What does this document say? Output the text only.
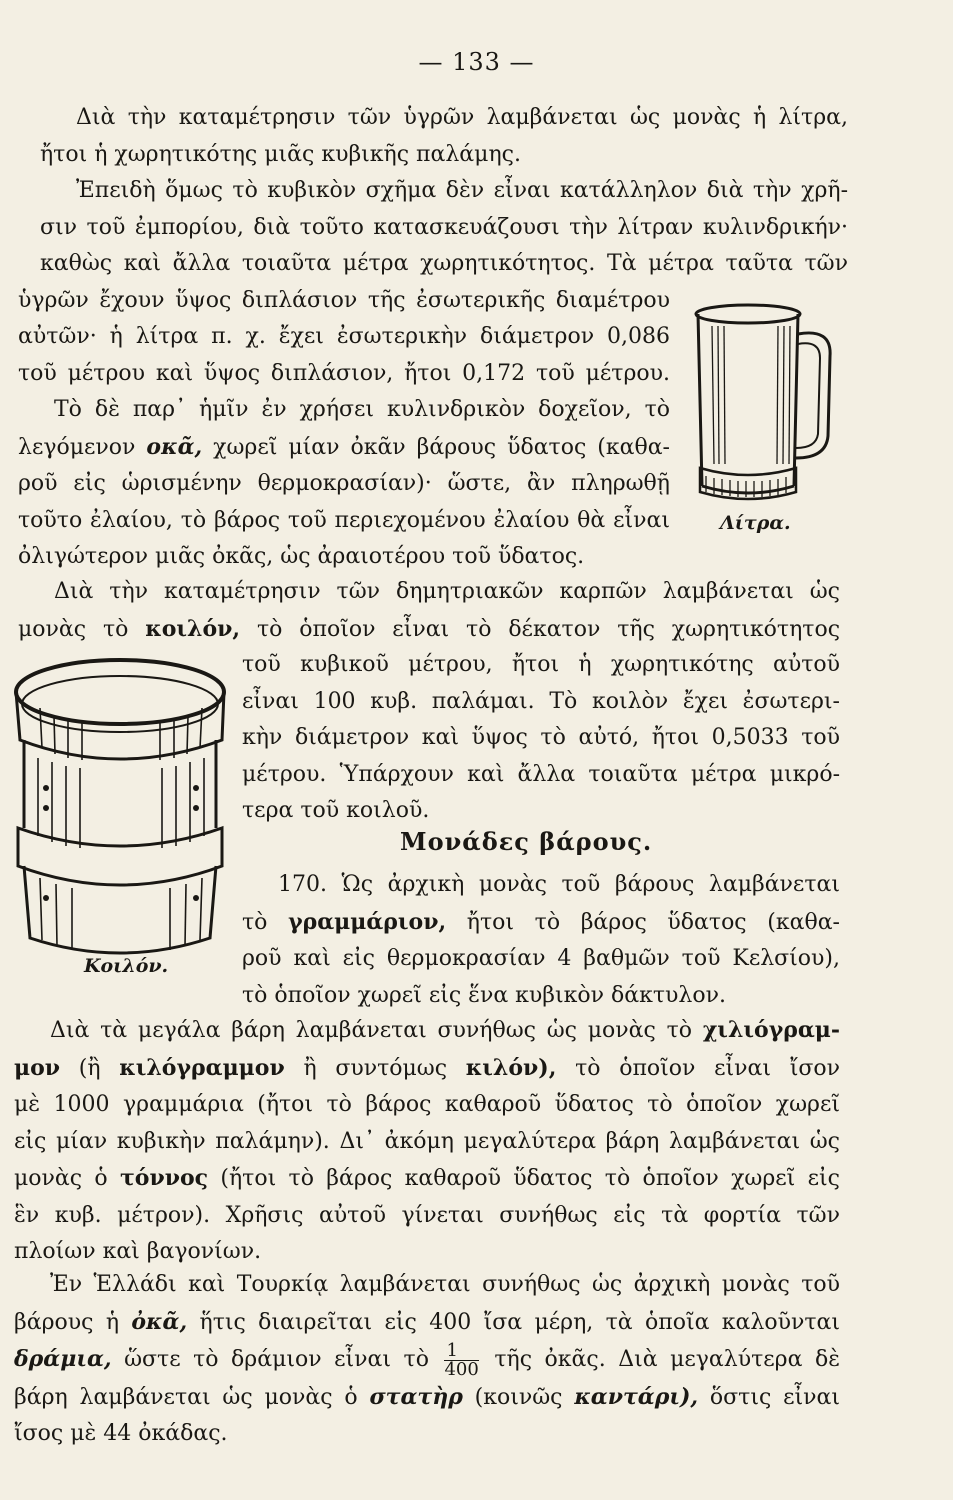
— 133 —
Διὰ τὴν καταμέτρησιν τῶν ὑγρῶν λαμβάνεται ὡς μονὰς ἡ λίτρα,
ἤτοι ἡ χωρητικότης μιᾶς κυβικῆς παλάμης.
Ἐπειδὴ ὅμως τὸ κυβικὸν σχῆμα δὲν εἶναι κατάλληλον διὰ τὴν χρῆ-
σιν τοῦ ἐμπορίου, διὰ τοῦτο κατασκευάζουσι τὴν λίτραν κυλινδρικήν·
καθὼς καὶ ἄλλα τοιαῦτα μέτρα χωρητικότητος. Τὰ μέτρα ταῦτα τῶν
ὑγρῶν ἔχουν ὕψος διπλάσιον τῆς ἐσωτερικῆς διαμέτρου
αὐτῶν· ἡ λίτρα π. χ. ἔχει ἐσωτερικὴν διάμετρον 0,086
τοῦ μέτρου καὶ ὕψος διπλάσιον, ἤτοι 0,172 τοῦ μέτρου.
Τὸ δὲ παρ᾿ ἡμῖν ἐν χρήσει κυλινδρικὸν δοχεῖον, τὸ
λεγόμενον οκᾶ, χωρεῖ μίαν ὀκᾶν βάρους ὕδατος (καθα-
ροῦ εἰς ὡρισμένην θερμοκρασίαν)· ὥστε, ἂν πληρωθῇ
τοῦτο ἐλαίου, τὸ βάρος τοῦ περιεχομένου ἐλαίου θὰ εἶναι
ὀλιγώτερον μιᾶς ὀκᾶς, ὡς ἀραιοτέρου τοῦ ὕδατος.
Λίτρα.
Διὰ τὴν καταμέτρησιν τῶν δημητριακῶν καρπῶν λαμβάνεται ὡς
μονὰς τὸ κοιλόν, τὸ ὁποῖον εἶναι τὸ δέκατον τῆς χωρητικότητος
τοῦ κυβικοῦ μέτρου, ἤτοι ἡ χωρητικότης αὐτοῦ
εἶναι 100 κυβ. παλάμαι. Τὸ κοιλὸν ἔχει ἐσωτερι-
κὴν διάμετρον καὶ ὕψος τὸ αὐτό, ἤτοι 0,5033 τοῦ
μέτρου. Ὑπάρχουν καὶ ἄλλα τοιαῦτα μέτρα μικρό-
τερα τοῦ κοιλοῦ.
Κοιλόν.
Μονάδες βάρους.
170. Ὡς ἀρχικὴ μονὰς τοῦ βάρους λαμβάνεται
τὸ γραμμάριον, ἤτοι τὸ βάρος ὕδατος (καθα-
ροῦ καὶ εἰς θερμοκρασίαν 4 βαθμῶν τοῦ Κελσίου),
τὸ ὁποῖον χωρεῖ εἰς ἕνα κυβικὸν δάκτυλον.
Διὰ τὰ μεγάλα βάρη λαμβάνεται συνήθως ὡς μονὰς τὸ χιλιόγραμ-
μον (ἢ κιλόγραμμον ἢ συντόμως κιλόν), τὸ ὁποῖον εἶναι ἴσον
μὲ 1000 γραμμάρια (ἤτοι τὸ βάρος καθαροῦ ὕδατος τὸ ὁποῖον χωρεῖ
εἰς μίαν κυβικὴν παλάμην). Δι᾿ ἀκόμη μεγαλύτερα βάρη λαμβάνεται ὡς
μονὰς ὁ τόννος (ἤτοι τὸ βάρος καθαροῦ ὕδατος τὸ ὁποῖον χωρεῖ εἰς
ἓν κυβ. μέτρον). Χρῆσις αὐτοῦ γίνεται συνήθως εἰς τὰ φορτία τῶν
πλοίων καὶ βαγονίων.
Ἐν Ἑλλάδι καὶ Τουρκίᾳ λαμβάνεται συνήθως ὡς ἀρχικὴ μονὰς τοῦ
βάρους ἡ ὀκᾶ, ἥτις διαιρεῖται εἰς 400 ἴσα μέρη, τὰ ὁποῖα καλοῦνται
δράμια, ὥστε τὸ δράμιον εἶναι τὸ $\frac{1}{400}$ τῆς ὀκᾶς. Διὰ μεγαλύτερα δὲ
βάρη λαμβάνεται ὡς μονὰς ὁ στατὴρ (κοινῶς καντάρι), ὅστις εἶναι
ἴσος μὲ 44 ὀκάδας.
